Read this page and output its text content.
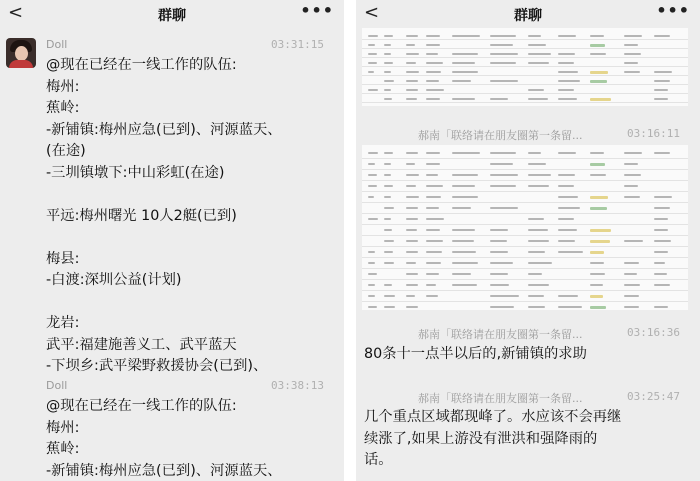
<	群聊	•••
Doll	03:31:15
@现在已经在一线工作的队伍:
梅州:
蕉岭:
-新铺镇:梅州应急(已到)、河源蓝天、
(在途)
-三圳镇墩下:中山彩虹(在途)
平远:梅州曙光 10人2艇(已到)
梅县:
-白渡:深圳公益(计划)
龙岩:
武平:福建施善义工、武平蓝天
-下坝乡:武平梁野救援协会(已到)、
Doll	03:38:13
@现在已经在一线工作的队伍:
梅州:
蕉岭:
-新铺镇:梅州应急(已到)、河源蓝天、
<	群聊	•••
郝南「联络请在朋友圈第一条留...	03:16:11
郝南「联络请在朋友圈第一条留...	03:16:36
80条十一点半以后的,新铺镇的求助
郝南「联络请在朋友圈第一条留...	03:25:47
几个重点区域都现峰了。水应该不会再继
续涨了,如果上游没有泄洪和强降雨的
话。
